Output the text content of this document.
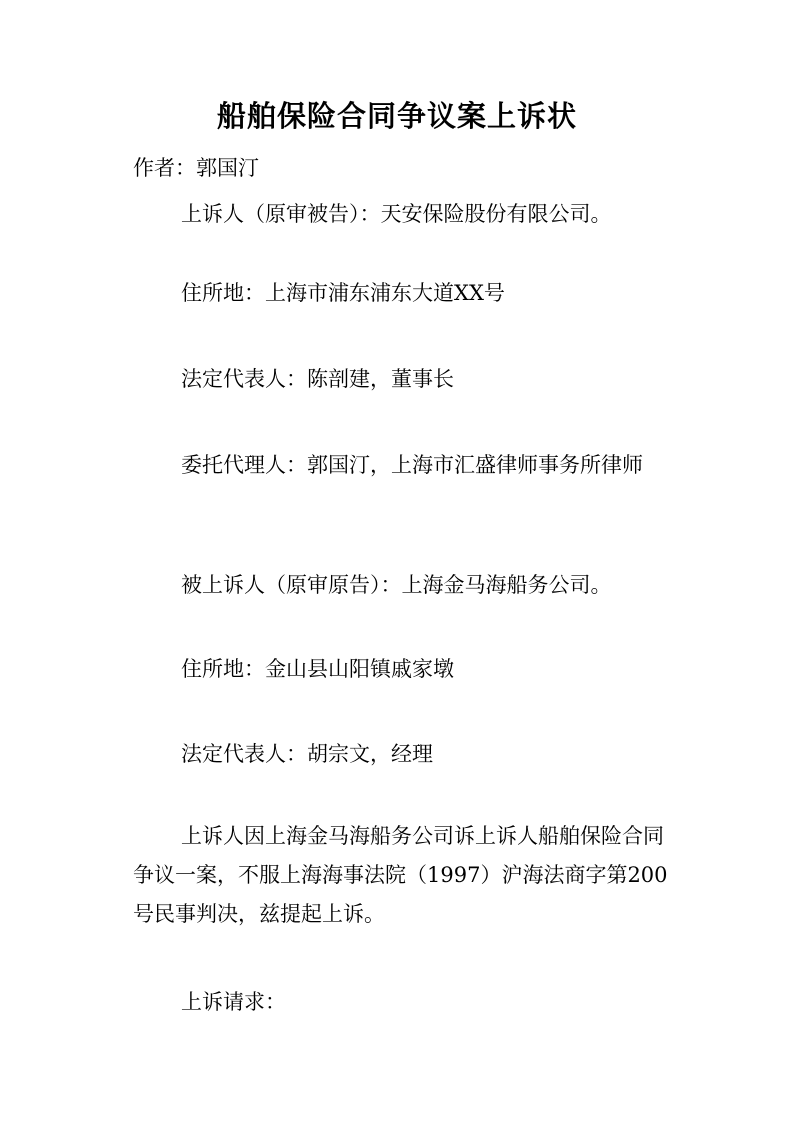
船舶保险合同争议案上诉状

作者：郭国汀

上诉人（原审被告）：天安保险股份有限公司。

住所地：上海市浦东浦东大道XX号

法定代表人：陈剖建，董事长

委托代理人：郭国汀，上海市汇盛律师事务所律师

被上诉人（原审原告）：上海金马海船务公司。

住所地：金山县山阳镇戚家墩

法定代表人：胡宗文，经理

上诉人因上海金马海船务公司诉上诉人船舶保险合同争议一案，不服上海海事法院（1997）沪海法商字第200号民事判决，兹提起上诉。

上诉请求：
